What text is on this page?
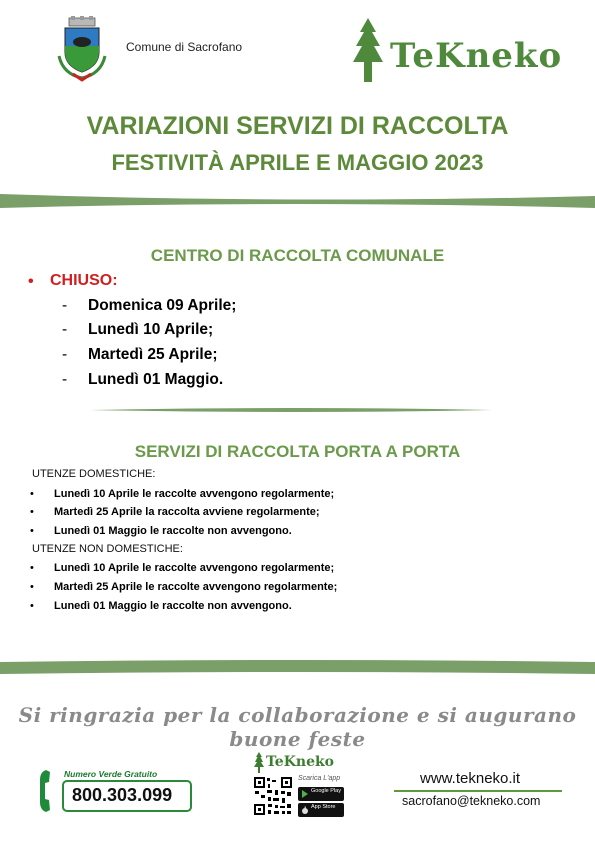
Comune di Sacrofano	TeKneko
VARIAZIONI SERVIZI DI RACCOLTA
FESTIVITÀ APRILE E MAGGIO 2023
CENTRO DI RACCOLTA COMUNALE
• CHIUSO:
- Domenica 09 Aprile;
- Lunedì 10 Aprile;
- Martedì 25 Aprile;
- Lunedì 01 Maggio.
SERVIZI DI RACCOLTA PORTA A PORTA
UTENZE DOMESTICHE:
• Lunedì 10 Aprile le raccolte avvengono regolarmente;
• Martedì 25 Aprile la raccolta avviene regolarmente;
• Lunedì 01 Maggio le raccolte non avvengono.
UTENZE NON DOMESTICHE:
• Lunedì 10 Aprile le raccolte avvengono regolarmente;
• Martedì 25 Aprile le raccolte avvengono regolarmente;
• Lunedì 01 Maggio le raccolte non avvengono.
Si ringrazia per la collaborazione e si augurano buone feste
Numero Verde Gratuito
800.303.099
TeKneko
Scarica L'app
Google Play
App Store
www.tekneko.it
sacrofano@tekneko.com
